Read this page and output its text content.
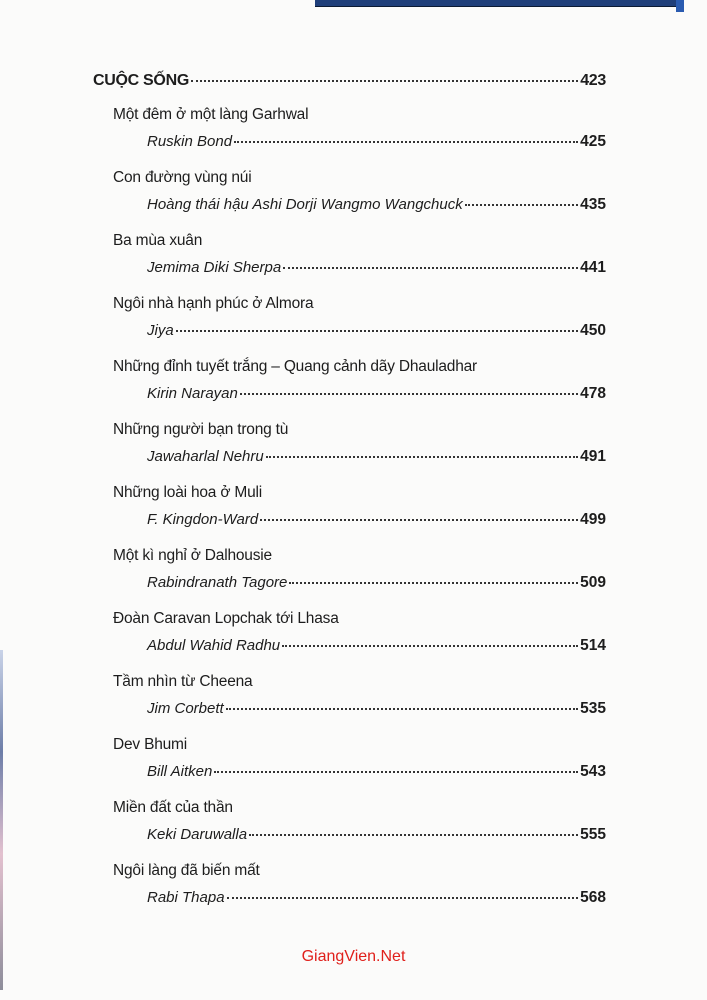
CUỘC SỐNG	423
Một đêm ở một làng Garhwal
Ruskin Bond	425
Con đường vùng núi
Hoàng thái hậu Ashi Dorji Wangmo Wangchuck	435
Ba mùa xuân
Jemima Diki Sherpa	441
Ngôi nhà hạnh phúc ở Almora
Jiya	450
Những đỉnh tuyết trắng – Quang cảnh dãy Dhauladhar
Kirin Narayan	478
Những người bạn trong tù
Jawaharlal Nehru	491
Những loài hoa ở Muli
F. Kingdon-Ward	499
Một kì nghỉ ở Dalhousie
Rabindranath Tagore	509
Đoàn Caravan Lopchak tới Lhasa
Abdul Wahid Radhu	514
Tầm nhìn từ Cheena
Jim Corbett	535
Dev Bhumi
Bill Aitken	543
Miền đất của thần
Keki Daruwalla	555
Ngôi làng đã biến mất
Rabi Thapa	568
GiangVien.Net
